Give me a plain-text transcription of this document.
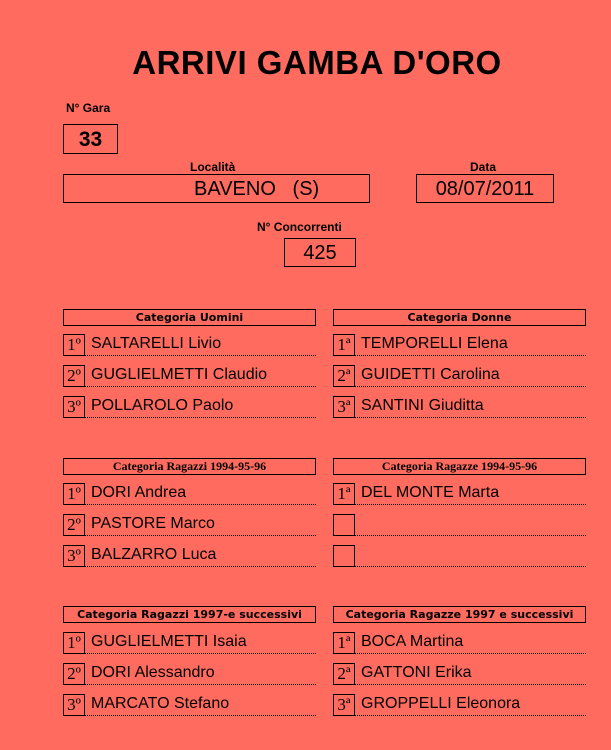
ARRIVI GAMBA D'ORO
N° Gara
33
Località
BAVENO   (S)
Data
08/07/2011
N° Concorrenti
425
Categoria Uomini
1º SALTARELLI Livio
2º GUGLIELMETTI Claudio
3º POLLAROLO Paolo
Categoria Donne
1ª TEMPORELLI Elena
2ª GUIDETTI Carolina
3ª SANTINI Giuditta
Categoria Ragazzi 1994-95-96
1º DORI Andrea
2º PASTORE Marco
3º BALZARRO Luca
Categoria Ragazze 1994-95-96
1ª DEL MONTE Marta
Categoria Ragazzi 1997-e successivi
1º GUGLIELMETTI Isaia
2º DORI Alessandro
3º MARCATO Stefano
Categoria Ragazze 1997 e successivi
1ª BOCA Martina
2ª GATTONI Erika
3ª GROPPELLI Eleonora
